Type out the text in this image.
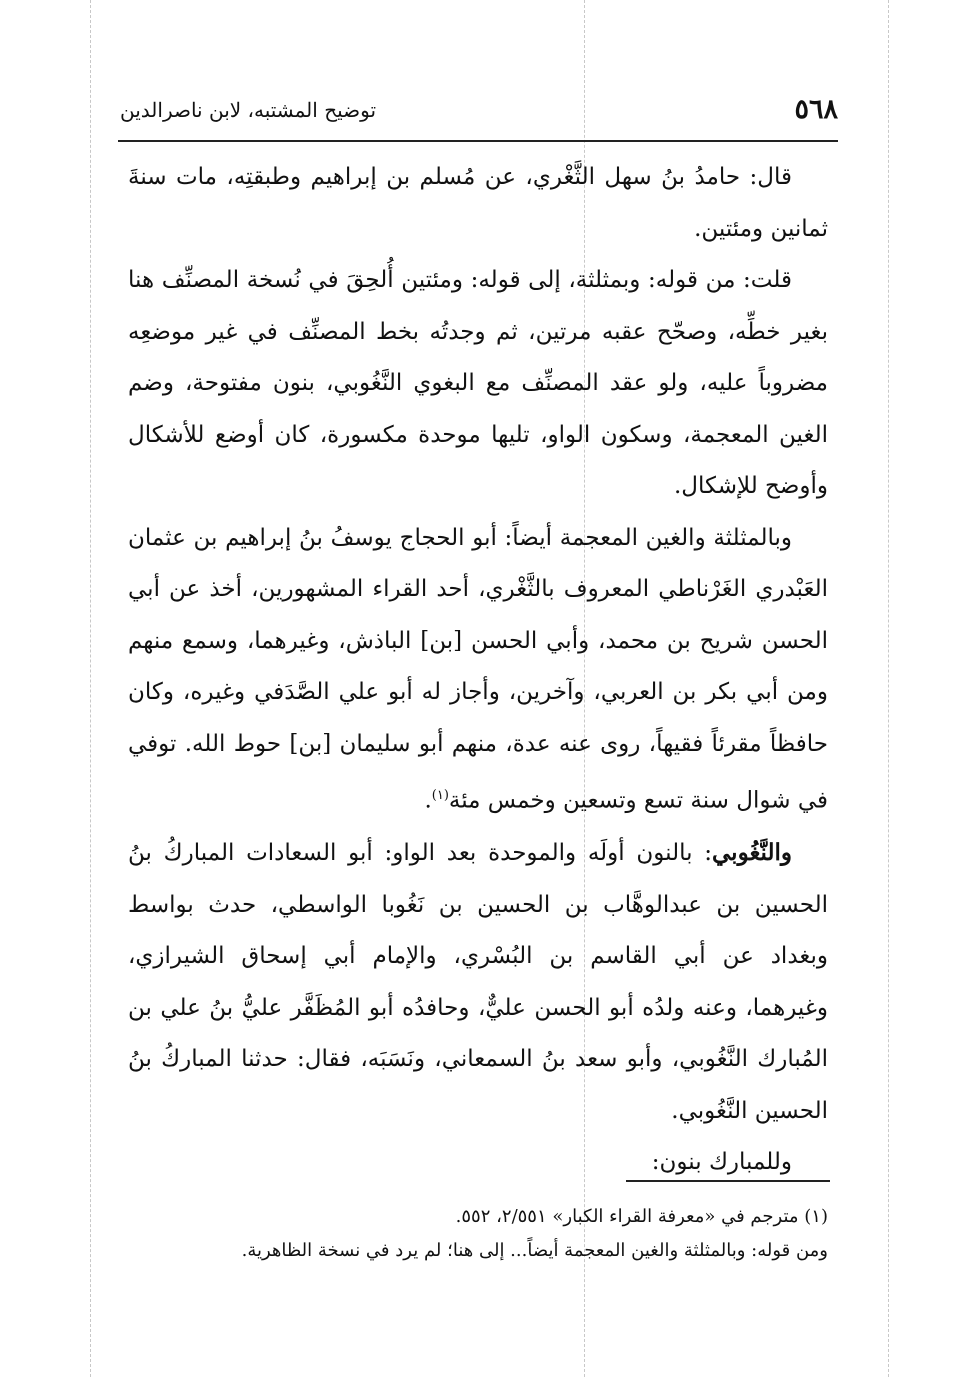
٥٦٨
توضيح المشتبه، لابن ناصرالدين

قال: حامدُ بنُ سهل الثَّغْري، عن مُسلم بن إبراهيم وطبقتِه، مات سنةَ ثمانين ومئتين.

قلت: من قوله: وبمثلثة، إلى قوله: ومئتين أُلحِقَ في نُسخة المصنِّف هنا بغير خطِّه، وصحّح عقبه مرتين، ثم وجدتُه بخط المصنِّف في غير موضعِه مضروباً عليه، ولو عقد المصنِّف مع البغوي النَّغُوبي، بنون مفتوحة، وضم الغين المعجمة، وسكون الواو، تليها موحدة مكسورة، كان أوضع للأشكال وأوضح للإشكال.

وبالمثلثة والغين المعجمة أيضاً: أبو الحجاج يوسفُ بنُ إبراهيم بن عثمان العَبْدري الغَرْناطي المعروف بالثَّغْري، أحد القراء المشهورين، أخذ عن أبي الحسن شريح بن محمد، وأبي الحسن [بن] الباذش، وغيرهما، وسمع منهم ومن أبي بكر بن العربي، وآخرين، وأجاز له أبو علي الصَّدَفي وغيره، وكان حافظاً مقرئاً فقيهاً، روى عنه عدة، منهم أبو سليمان [بن] حوط الله. توفي في شوال سنة تسع وتسعين وخمس مئة$^{(١)}$.

والنَّغُوبي: بالنون أولَه والموحدة بعد الواو: أبو السعادات المباركُ بنُ الحسين بن عبدالوهَّاب بن الحسين بن نَغُوبا الواسطي، حدث بواسط وبغداد عن أبي القاسم بن البُسْري، والإمام أبي إسحاق الشيرازي، وغيرهما، وعنه ولدُه أبو الحسن عليٌّ، وحافدُه أبو المُظَفَّر عليُّ بنُ علي بن المُبارك النَّغُوبي، وأبو سعد بنُ السمعاني، ونَسَبَه، فقال: حدثنا المباركُ بنُ الحسين النَّغُوبي.

وللمبارك بنون:

(١) مترجم في «معرفة القراء الكبار» ٢/٥٥١، ٥٥٢.

ومن قوله: وبالمثلثة والغين المعجمة أيضاً... إلى هنا؛ لم يرد في نسخة الظاهرية.
